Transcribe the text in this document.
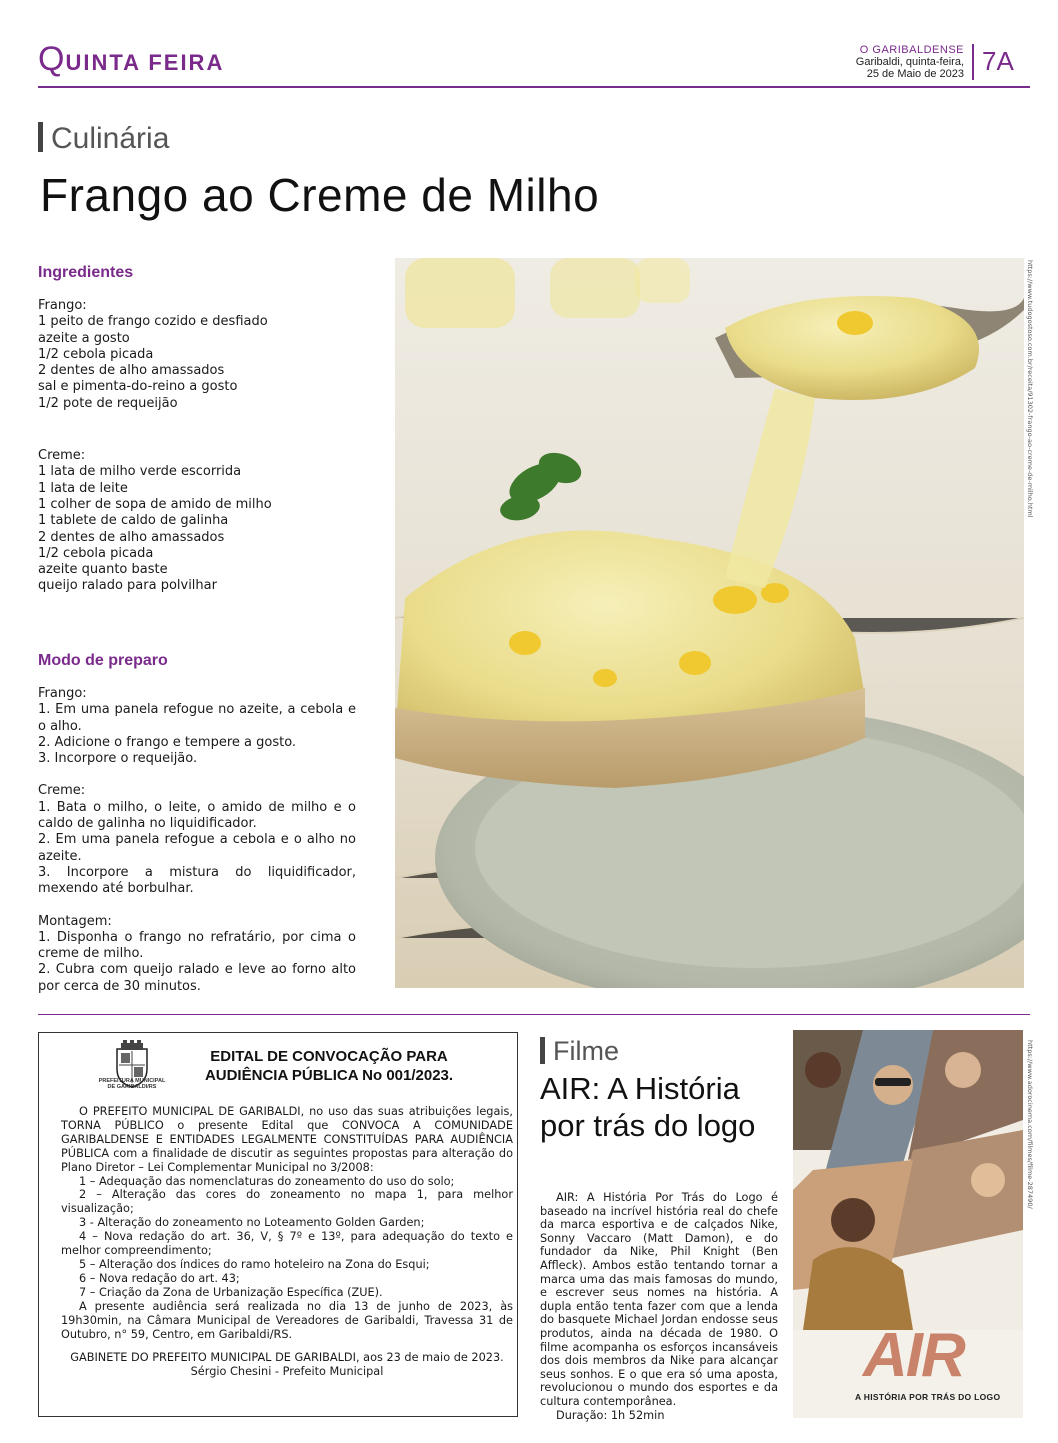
QUINTA FEIRA	O GARIBALDENSE
Garibaldi, quinta-feira,
25 de Maio de 2023 7A
Culinária
Frango ao Creme de Milho
Ingredientes

Frango:

1 peito de frango cozido e desfiado

azeite a gosto

1/2 cebola picada

2 dentes de alho amassados

sal e pimenta-do-reino a gosto

1/2 pote de requeijão

Creme:

1 lata de milho verde escorrida

1 lata de leite

1 colher de sopa de amido de milho

1 tablete de caldo de galinha

2 dentes de alho amassados

1/2 cebola picada

azeite quanto baste

queijo ralado para polvilhar

Modo de preparo

Frango:

1. Em uma panela refogue no azeite, a cebola e o alho.

2. Adicione o frango e tempere a gosto.

3. Incorpore o requeijão.

Creme:

1. Bata o milho, o leite, o amido de milho e o caldo de galinha no liquidificador.

2. Em uma panela refogue a cebola e o alho no azeite.

3. Incorpore a mistura do liquidificador, mexendo até borbulhar.

Montagem:

1. Disponha o frango no refratário, por cima o creme de milho.

2. Cubra com queijo ralado e leve ao forno alto por cerca de 30 minutos.

https://www.tudogostoso.com.br/receita/91302-frango-ao-creme-de-milho.html
PREFEITURA MUNICIPAL
DE GARIBALDI/RS
EDITAL DE CONVOCAÇÃO PARA
AUDIÊNCIA PÚBLICA No 001/2023.

O PREFEITO MUNICIPAL DE GARIBALDI, no uso das suas atribuições legais, TORNA PÚBLICO o presente Edital que CONVOCA A COMUNIDADE GARIBALDENSE E ENTIDADES LEGALMENTE CONSTITUÍDAS PARA AUDIÊNCIA PÚBLICA com a finalidade de discutir as seguintes propostas para alteração do Plano Diretor – Lei Complementar Municipal no 3/2008:

1 – Adequação das nomenclaturas do zoneamento do uso do solo;

2 – Alteração das cores do zoneamento no mapa 1, para melhor visualização;

3 - Alteração do zoneamento no Loteamento Golden Garden;

4 – Nova redação do art. 36, V, § 7º e 13º, para adequação do texto e melhor compreendimento;

5 – Alteração dos índices do ramo hoteleiro na Zona do Esqui;

6 – Nova redação do art. 43;

7 – Criação da Zona de Urbanização Específica (ZUE).

A presente audiência será realizada no dia 13 de junho de 2023, às 19h30min, na Câmara Municipal de Vereadores de Garibaldi, Travessa 31 de Outubro, n° 59, Centro, em Garibaldi/RS.

GABINETE DO PREFEITO MUNICIPAL DE GARIBALDI, aos 23 de maio de 2023.
Sérgio Chesini - Prefeito Municipal
Filme
AIR: A História por trás do logo

AIR: A História Por Trás do Logo é baseado na incrível história real do chefe da marca esportiva e de calçados Nike, Sonny Vaccaro (Matt Damon), e do fundador da Nike, Phil Knight (Ben Affleck). Ambos estão tentando tornar a marca uma das mais famosas do mundo, e escrever seus nomes na história. A dupla então tenta fazer com que a lenda do basquete Michael Jordan endosse seus produtos, ainda na década de 1980. O filme acompanha os esforços incansáveis dos dois membros da Nike para alcançar seus sonhos. E o que era só uma aposta, revolucionou o mundo dos esportes e da cultura contemporânea.

Duração: 1h 52min

AIR
A HISTÓRIA POR TRÁS DO LOGO
https://www.adorocinema.com/filmes/filme-287490/
